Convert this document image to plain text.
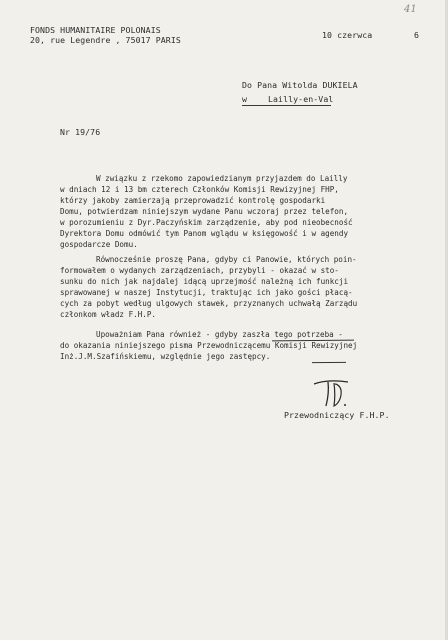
41
FONDS HUMANITAIRE POLONAIS
20, rue Legendre , 75017 PARIS	10 czerwca	6
Do Pana Witolda DUKIELA
w	Lailly-en-Val
Nr 19/76
W związku z rzekomo zapowiedzianym przyjazdem do Lailly
w dniach 12 i 13 bm czterech Członków Komisji Rewizyjnej FHP,
którzy jakoby zamierzają przeprowadzić kontrolę gospodarki
Domu, potwierdzam niniejszym wydane Panu wczoraj przez telefon,
w porozumieniu z Dyr.Paczyńskim zarządzenie, aby pod nieobecność
Dyrektora Domu odmówić tym Panom wglądu w księgowość i w agendy
gospodarcze Domu.
Równocześnie proszę Pana, gdyby ci Panowie, których poin-
formowałem o wydanych zarządzeniach, przybyli - okazać w sto-
sunku do nich jak najdalej idącą uprzejmość należną ich funkcji
sprawowanej w naszej Instytucji, traktując ich jako gości płacą-
cych za pobyt według ulgowych stawek, przyznanych uchwałą Zarządu
członkom władz F.H.P.
Upoważniam Pana również - gdyby zaszła tego potrzeba -
do okazania niniejszego pisma Przewodniczącemu Komisji Rewizyjnej
Inż.J.M.Szafińskiemu, względnie jego zastępcy.
Przewodniczący F.H.P.
